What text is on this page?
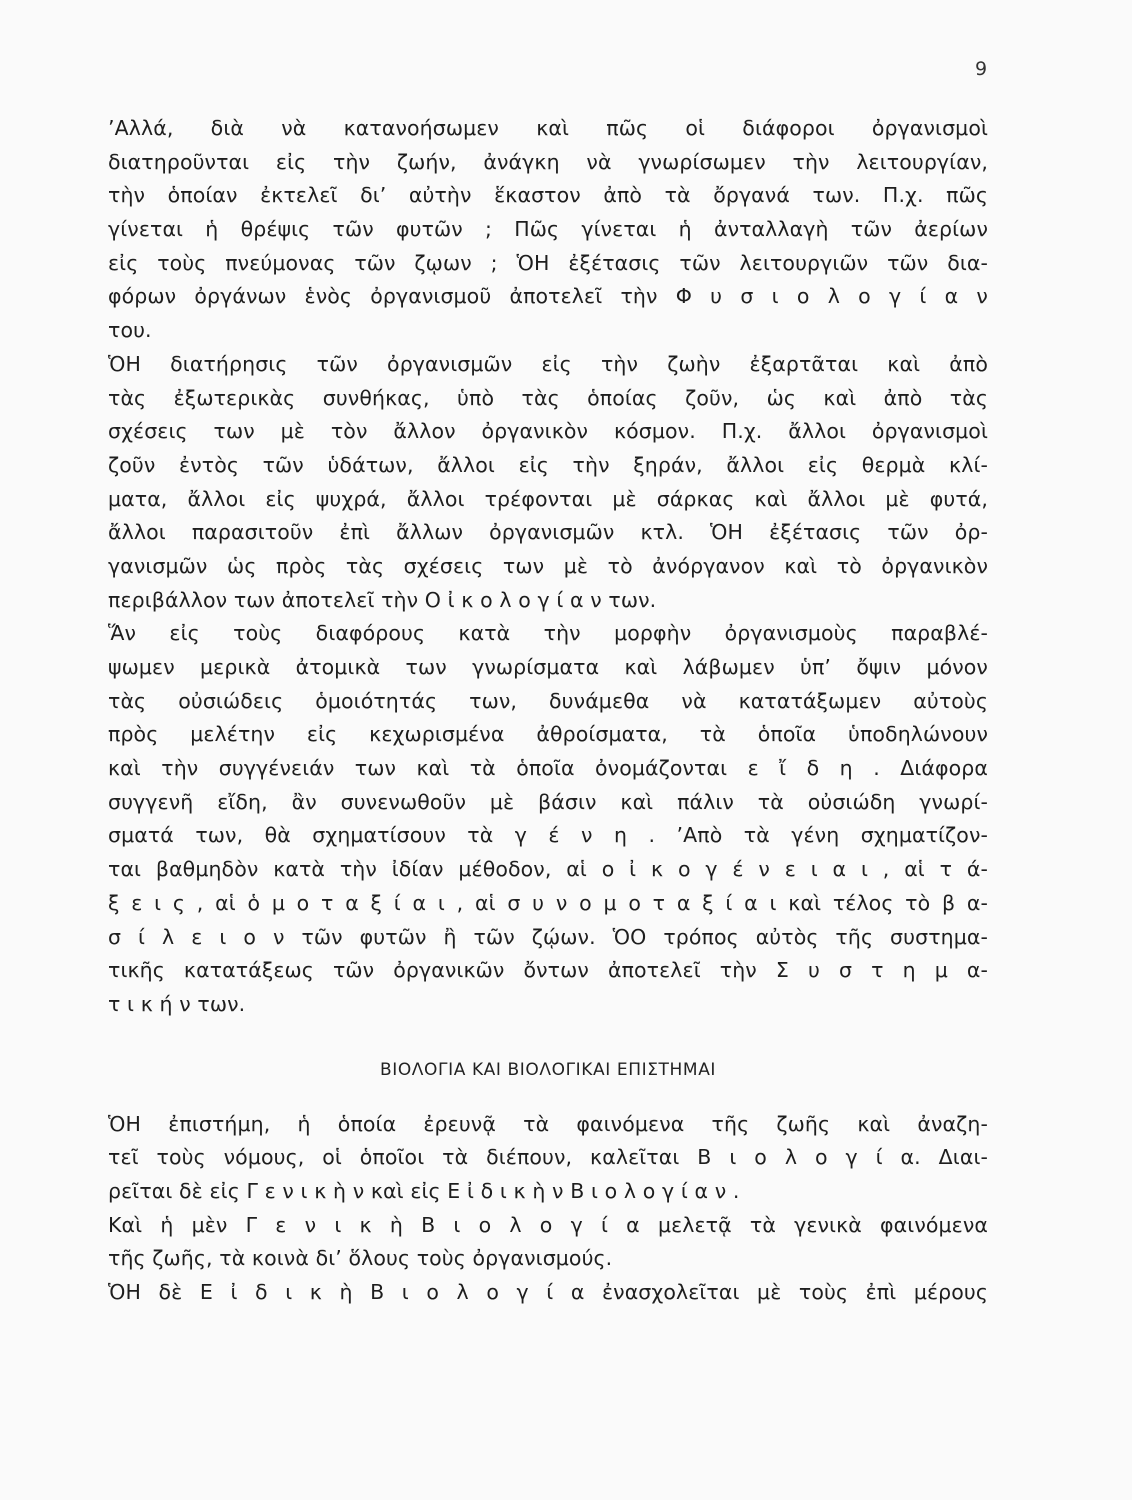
9
’Αλλά, διὰ νὰ κατανοήσωμεν καὶ πῶς οἱ διάφοροι ὀργανισμοὶ
διατηροῦνται εἰς τὴν ζωήν, ἀνάγκη νὰ γνωρίσωμεν τὴν λειτουργίαν,
τὴν ὁποίαν ἐκτελεῖ δι’ αὐτὴν ἕκαστον ἀπὸ τὰ ὄργανά των. Π.χ. πῶς
γίνεται ἡ θρέψις τῶν φυτῶν ; Πῶς γίνεται ἡ ἀνταλλαγὴ τῶν ἀερίων
εἰς τοὺς πνεύμονας τῶν ζῳων ; ὉΗ ἐξέτασις τῶν λειτουργιῶν τῶν δια-
φόρων ὀργάνων ἑνὸς ὀργανισμοῦ ἀποτελεῖ τὴν Φ υ σ ι ο λ ο γ ί α ν
του.
ὉΗ διατήρησις τῶν ὀργανισμῶν εἰς τὴν ζωὴν ἐξαρτᾶται καὶ ἀπὸ
τὰς ἐξωτερικὰς συνθήκας, ὑπὸ τὰς ὁποίας ζοῦν, ὡς καὶ ἀπὸ τὰς
σχέσεις των μὲ τὸν ἄλλον ὀργανικὸν κόσμον. Π.χ. ἄλλοι ὀργανισμοὶ
ζοῦν ἐντὸς τῶν ὑδάτων, ἄλλοι εἰς τὴν ξηράν, ἄλλοι εἰς θερμὰ κλί-
ματα, ἄλλοι εἰς ψυχρά, ἄλλοι τρέφονται μὲ σάρκας καὶ ἄλλοι μὲ φυτά,
ἄλλοι παρασιτοῦν ἐπὶ ἄλλων ὀργανισμῶν κτλ. ὉΗ ἐξέτασις τῶν ὀρ-
γανισμῶν ὡς πρὸς τὰς σχέσεις των μὲ τὸ ἀνόργανον καὶ τὸ ὀργανικὸν
περιβάλλον των ἀποτελεῖ τὴν Ο ἰ κ ο λ ο γ ί α ν των.
Ἅν εἰς τοὺς διαφόρους κατὰ τὴν μορφὴν ὀργανισμοὺς παραβλέ-
ψωμεν μερικὰ ἀτομικὰ των γνωρίσματα καὶ λάβωμεν ὑπ’ ὄψιν μόνον
τὰς οὐσιώδεις ὁμοιότητάς των, δυνάμεθα νὰ κατατάξωμεν αὐτοὺς
πρὸς μελέτην εἰς κεχωρισμένα ἀθροίσματα, τὰ ὁποῖα ὑποδηλώνουν
καὶ τὴν συγγένειάν των καὶ τὰ ὁποῖα ὀνομάζονται ε ἴ δ η . Διάφορα
συγγενῆ εἴδη, ἂν συνενωθοῦν μὲ βάσιν καὶ πάλιν τὰ οὐσιώδη γνωρί-
σματά των, θὰ σχηματίσουν τὰ γ έ ν η . ’Απὸ τὰ γένη σχηματίζον-
ται βαθμηδὸν κατὰ τὴν ἰδίαν μέθοδον, αἱ ο ἰ κ ο γ έ ν ε ι α ι , αἱ τ ά-
ξ ε ι ς , αἱ ὁ μ ο τ α ξ ί α ι , αἱ σ υ ν ο μ ο τ α ξ ί α ι καὶ τέλος τὸ β α-
σ ί λ ε ι ο ν τῶν φυτῶν ἢ τῶν ζῴων. ὉΟ τρόπος αὐτὸς τῆς συστημα-
τικῆς κατατάξεως τῶν ὀργανικῶν ὄντων ἀποτελεῖ τὴν Σ υ σ τ η μ α-
τ ι κ ή ν των.
ΒΙΟΛΟΓΙΑ ΚΑΙ ΒΙΟΛΟΓΙΚΑΙ ΕΠΙΣΤΗΜΑΙ
ὉΗ ἐπιστήμη, ἡ ὁποία ἐρευνᾷ τὰ φαινόμενα τῆς ζωῆς καὶ ἀναζη-
τεῖ τοὺς νόμους, οἱ ὁποῖοι τὰ διέπουν, καλεῖται Β ι ο λ ο γ ί α. Διαι-
ρεῖται δὲ εἰς Γ ε ν ι κ ὴ ν καὶ εἰς Ε ἰ δ ι κ ὴ ν Β ι ο λ ο γ ί α ν .
Καὶ ἡ μὲν Γ ε ν ι κ ὴ Β ι ο λ ο γ ί α μελετᾷ τὰ γενικὰ φαινόμενα
τῆς ζωῆς, τὰ κοινὰ δι’ ὅλους τοὺς ὀργανισμούς.
ὉΗ δὲ Ε ἰ δ ι κ ὴ Β ι ο λ ο γ ί α ἐνασχολεῖται μὲ τοὺς ἐπὶ μέρους
